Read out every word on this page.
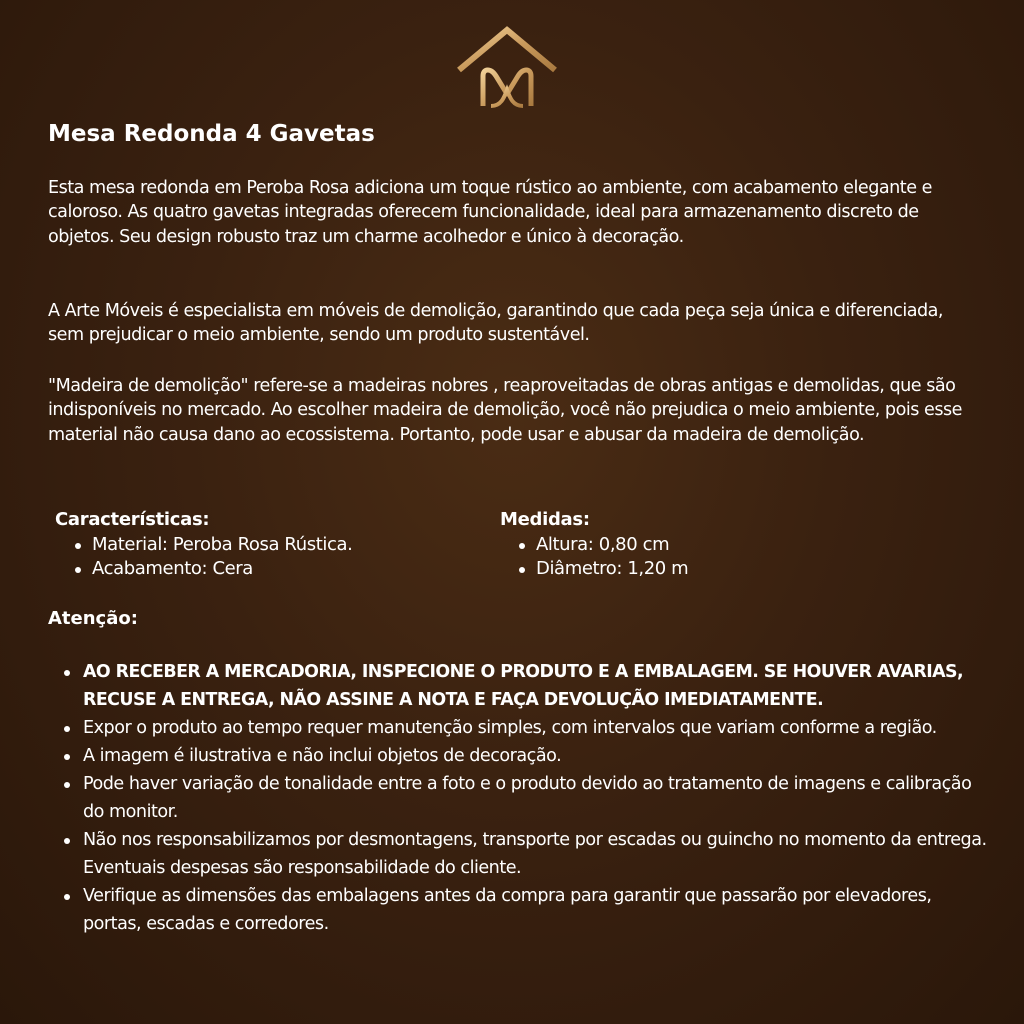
Mesa Redonda 4 Gavetas

Esta mesa redonda em Peroba Rosa adiciona um toque rústico ao ambiente, com acabamento elegante e caloroso. As quatro gavetas integradas oferecem funcionalidade, ideal para armazenamento discreto de objetos. Seu design robusto traz um charme acolhedor e único à decoração.

A Arte Móveis é especialista em móveis de demolição, garantindo que cada peça seja única e diferenciada, sem prejudicar o meio ambiente, sendo um produto sustentável.

"Madeira de demolição" refere-se a madeiras nobres , reaproveitadas de obras antigas e demolidas, que são indisponíveis no mercado. Ao escolher madeira de demolição, você não prejudica o meio ambiente, pois esse material não causa dano ao ecossistema. Portanto, pode usar e abusar da madeira de demolição.

Características:
Material: Peroba Rosa Rústica.
Acabamento: Cera
Medidas:
Altura: 0,80 cm
Diâmetro: 1,20 m
Atenção:
AO RECEBER A MERCADORIA, INSPECIONE O PRODUTO E A EMBALAGEM. SE HOUVER AVARIAS, RECUSE A ENTREGA, NÃO ASSINE A NOTA E FAÇA DEVOLUÇÃO IMEDIATAMENTE.
Expor o produto ao tempo requer manutenção simples, com intervalos que variam conforme a região.
A imagem é ilustrativa e não inclui objetos de decoração.
Pode haver variação de tonalidade entre a foto e o produto devido ao tratamento de imagens e calibração do monitor.
Não nos responsabilizamos por desmontagens, transporte por escadas ou guincho no momento da entrega. Eventuais despesas são responsabilidade do cliente.
Verifique as dimensões das embalagens antes da compra para garantir que passarão por elevadores, portas, escadas e corredores.
